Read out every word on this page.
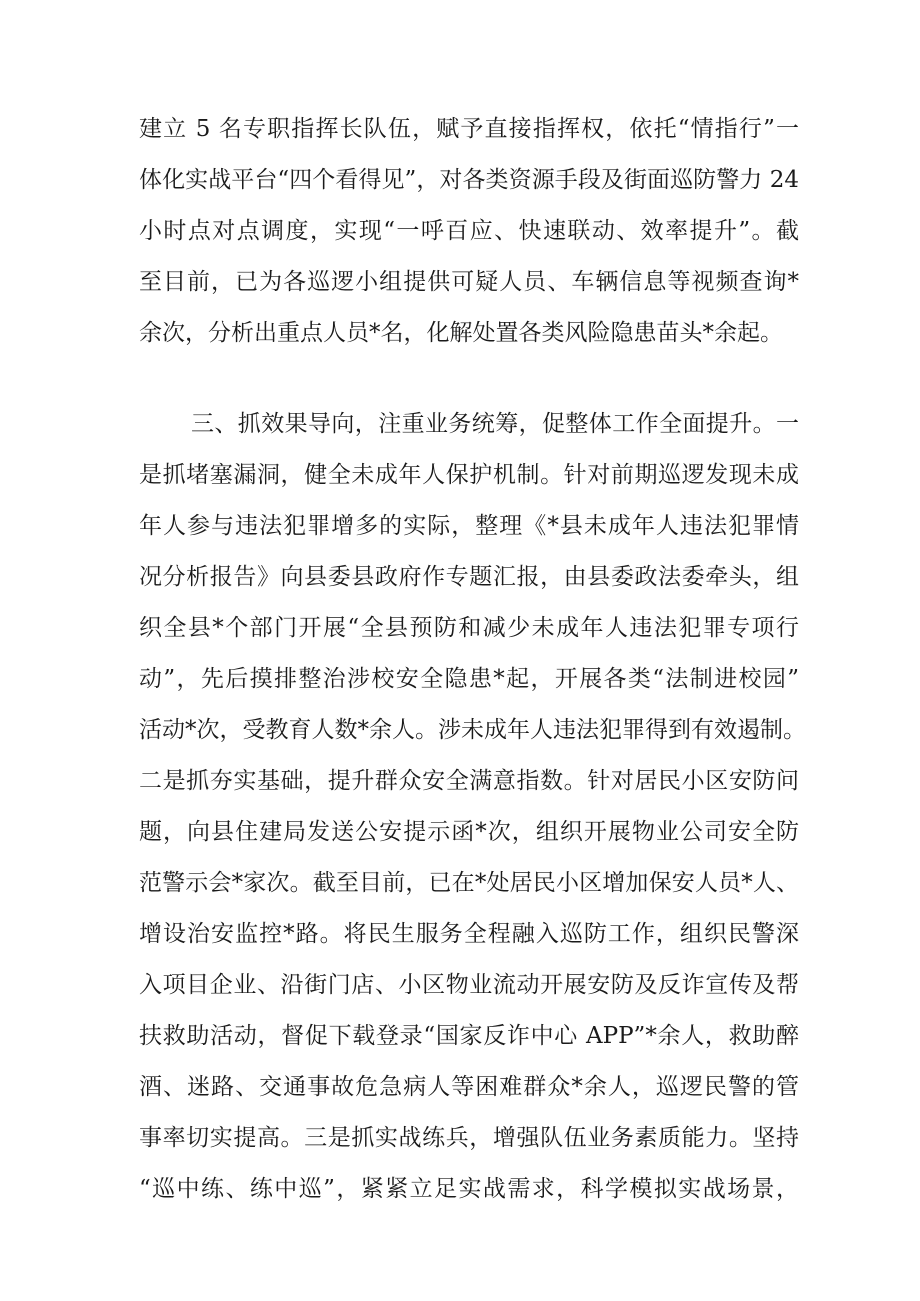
建立 5 名专职指挥长队伍，赋予直接指挥权，依托“情指行”一
体化实战平台“四个看得见”，对各类资源手段及街面巡防警力 24
小时点对点调度，实现“一呼百应、快速联动、效率提升”。截
至目前，已为各巡逻小组提供可疑人员、车辆信息等视频查询*
余次，分析出重点人员*名，化解处置各类风险隐患苗头*余起。
三、抓效果导向，注重业务统筹，促整体工作全面提升。一
是抓堵塞漏洞，健全未成年人保护机制。针对前期巡逻发现未成
年人参与违法犯罪增多的实际，整理《*县未成年人违法犯罪情
况分析报告》向县委县政府作专题汇报，由县委政法委牵头，组
织全县*个部门开展“全县预防和减少未成年人违法犯罪专项行
动”，先后摸排整治涉校安全隐患*起，开展各类“法制进校园”
活动*次，受教育人数*余人。涉未成年人违法犯罪得到有效遏制。
二是抓夯实基础，提升群众安全满意指数。针对居民小区安防问
题，向县住建局发送公安提示函*次，组织开展物业公司安全防
范警示会*家次。截至目前，已在*处居民小区增加保安人员*人、
增设治安监控*路。将民生服务全程融入巡防工作，组织民警深
入项目企业、沿街门店、小区物业流动开展安防及反诈宣传及帮
扶救助活动，督促下载登录“国家反诈中心 APP”*余人，救助醉
酒、迷路、交通事故危急病人等困难群众*余人，巡逻民警的管
事率切实提高。三是抓实战练兵，增强队伍业务素质能力。坚持
“巡中练、练中巡”，紧紧立足实战需求，科学模拟实战场景，
